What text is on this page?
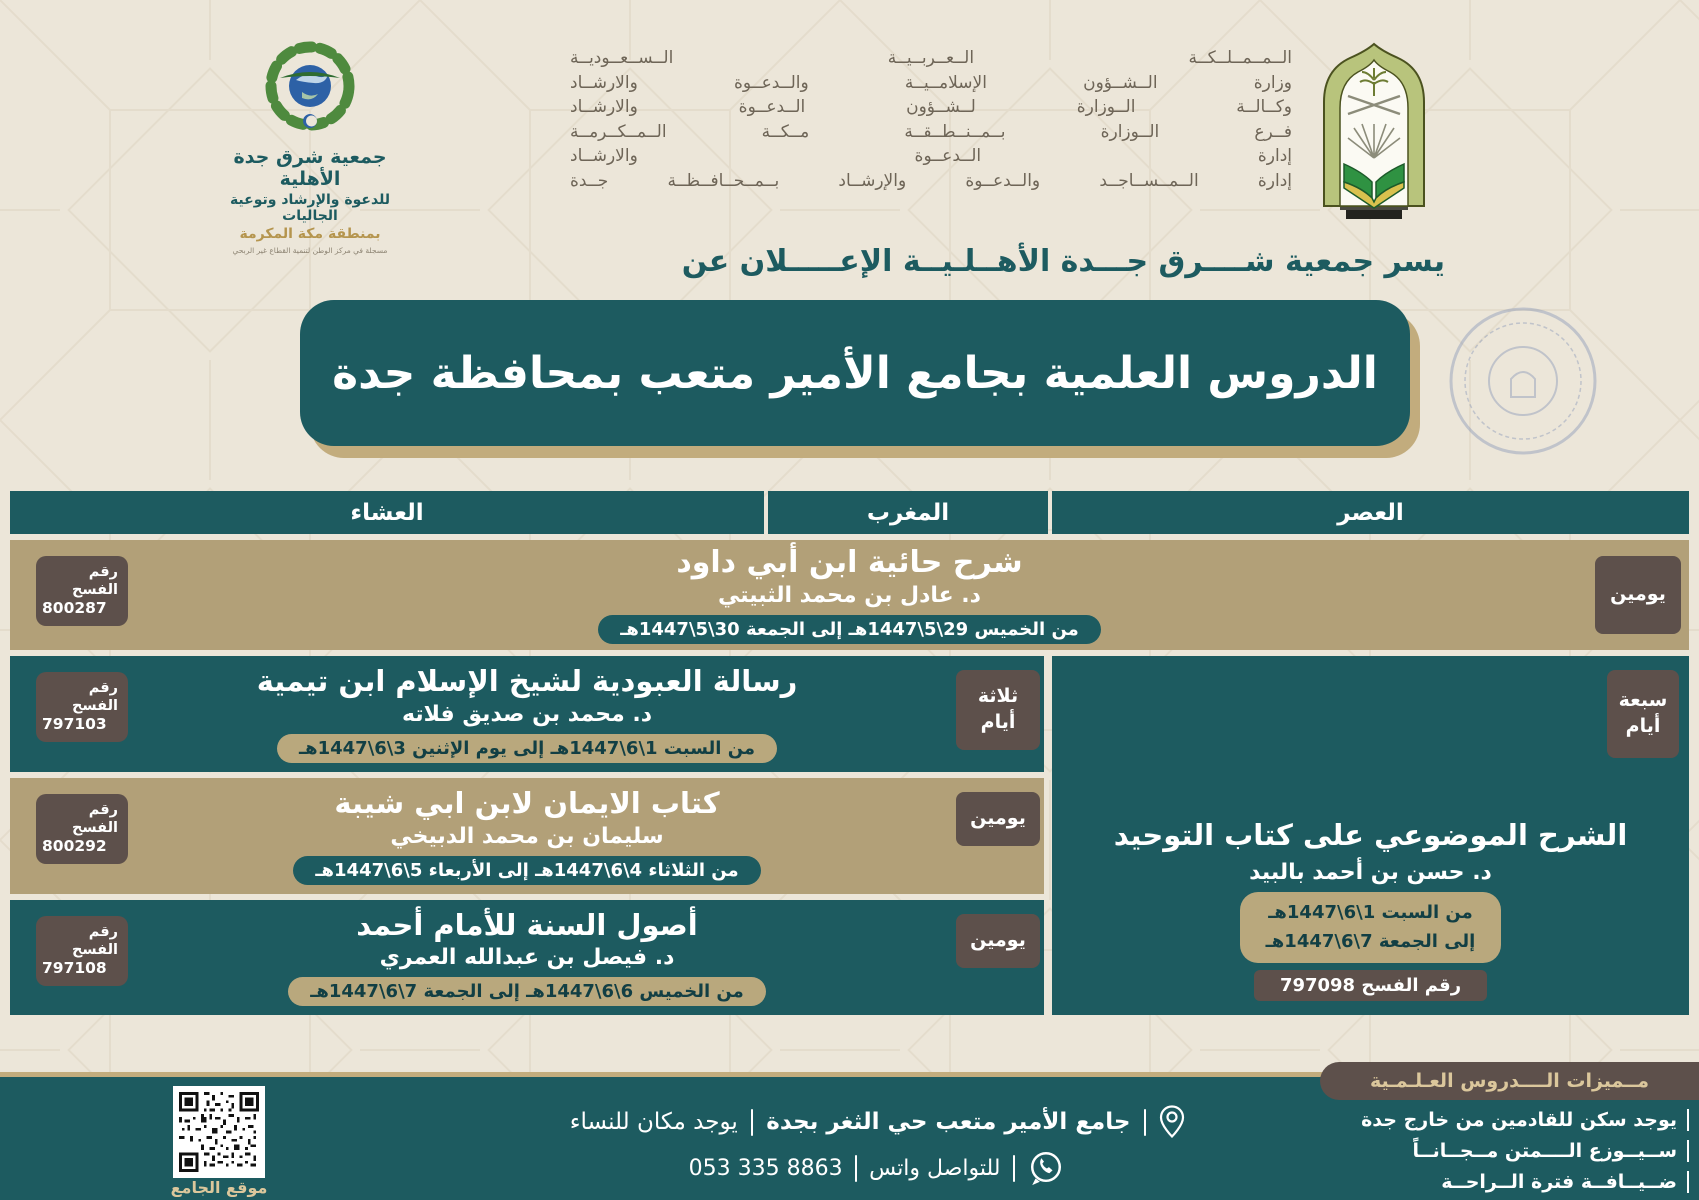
جمعية شرق جدة الأهلية
للدعوة والإرشاد وتوعية الجاليات
بمنطقة مكة المكرمة
مسجلة في مركز الوطن لتنمية القطاع غير الربحي
الــمــمــلــكــة الــعــربــيــة الــســعــوديــة
وزارة الــشــؤون الإسلامــيــة والــدعــوة والارشــاد
وكــالــة الــوزارة لــشــؤون الــدعــوة والارشــاد
فــرع الــوزارة بــمــنــطــقــة مــكــة الــمــكــرمــة
إدارة الــدعــوة والارشــاد
إدارة الــمــســاجــد والــدعــوة والإرشــاد بــمــحــافــظــة جــدة
يسر جمعية شــــرق جـــدة الأهــلـيــة الإعـــــلان عن
الدروس العلمية بجامع الأمير متعب بمحافظة جدة
العشاء	المغرب	العصر
رقم
الفسح
800287
يومين
شرح حائية ابن أبي داود
د. عادل بن محمد الثبيتي
من الخميس 29\5\1447هـ إلى الجمعة 30\5\1447هـ
رقم
الفسح
797103
ثلاثة أيام
رسالة العبودية لشيخ الإسلام ابن تيمية
د. محمد بن صديق فلاته
من السبت 1\6\1447هـ إلى يوم الإثنين 3\6\1447هـ
رقم
الفسح
800292
يومين
كتاب الايمان لابن ابي شيبة
سليمان بن محمد الدبيخي
من الثلاثاء 4\6\1447هـ إلى الأربعاء 5\6\1447هـ
رقم
الفسح
797108
يومين
أصول السنة للأمام أحمد
د. فيصل بن عبدالله العمري
من الخميس 6\6\1447هـ إلى الجمعة 7\6\1447هـ
سبعة أيام
الشرح الموضوعي على كتاب التوحيد
د. حسن بن أحمد بالبيد
من السبت 1\6\1447هـ
إلى الجمعة 7\6\1447هـ
رقم الفسح 797098
موقع الجامع
جامع الأمير متعب حي الثغر بجدة
يوجد مكان للنساء
للتواصل واتس
053 335 8863
مــميزات الــــدروس العـلـمـية
يوجد سكن للقادمين من خارج جدة
ســيــوزع الــــمتن مــجــانــاً
ضــيــافــة فترة الــراحــة
